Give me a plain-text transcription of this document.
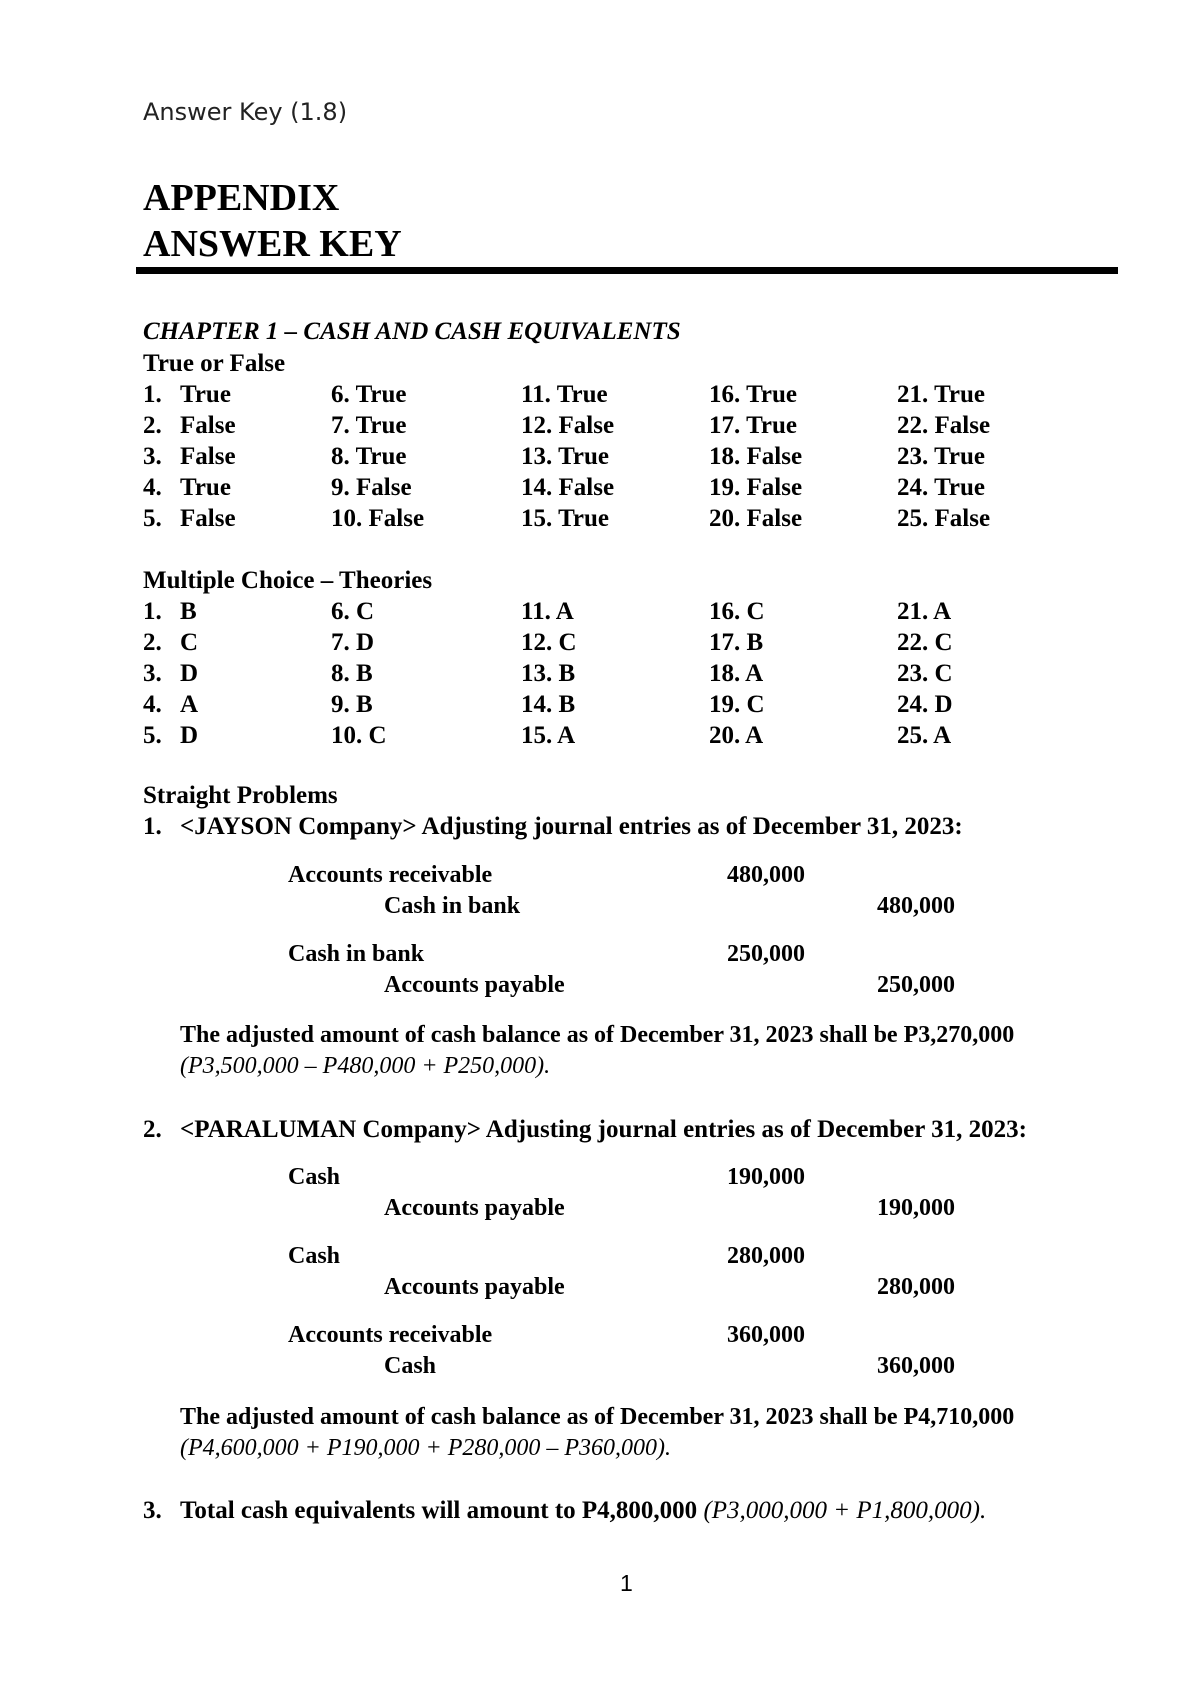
Answer Key (1.8)
APPENDIX
ANSWER KEY
CHAPTER 1 – CASH AND CASH EQUIVALENTS
True or False
1. True	6. True	11. True	16. True	21. True
2. False	7. True	12. False	17. True	22. False
3. False	8. True	13. True	18. False	23. True
4. True	9. False	14. False	19. False	24. True
5. False	10. False	15. True	20. False	25. False
Multiple Choice – Theories
1. B	6. C	11. A	16. C	21. A
2. C	7. D	12. C	17. B	22. C
3. D	8. B	13. B	18. A	23. C
4. A	9. B	14. B	19. C	24. D
5. D	10. C	15. A	20. A	25. A
Straight Problems
1. <JAYSON Company> Adjusting journal entries as of December 31, 2023:
Accounts receivable	480,000
Cash in bank	480,000
Cash in bank	250,000
Accounts payable	250,000
The adjusted amount of cash balance as of December 31, 2023 shall be P3,270,000
(P3,500,000 – P480,000 + P250,000).
2. <PARALUMAN Company> Adjusting journal entries as of December 31, 2023:
Cash	190,000
Accounts payable	190,000
Cash	280,000
Accounts payable	280,000
Accounts receivable	360,000
Cash	360,000
The adjusted amount of cash balance as of December 31, 2023 shall be P4,710,000
(P4,600,000 + P190,000 + P280,000 – P360,000).
3. Total cash equivalents will amount to P4,800,000 (P3,000,000 + P1,800,000).
1
